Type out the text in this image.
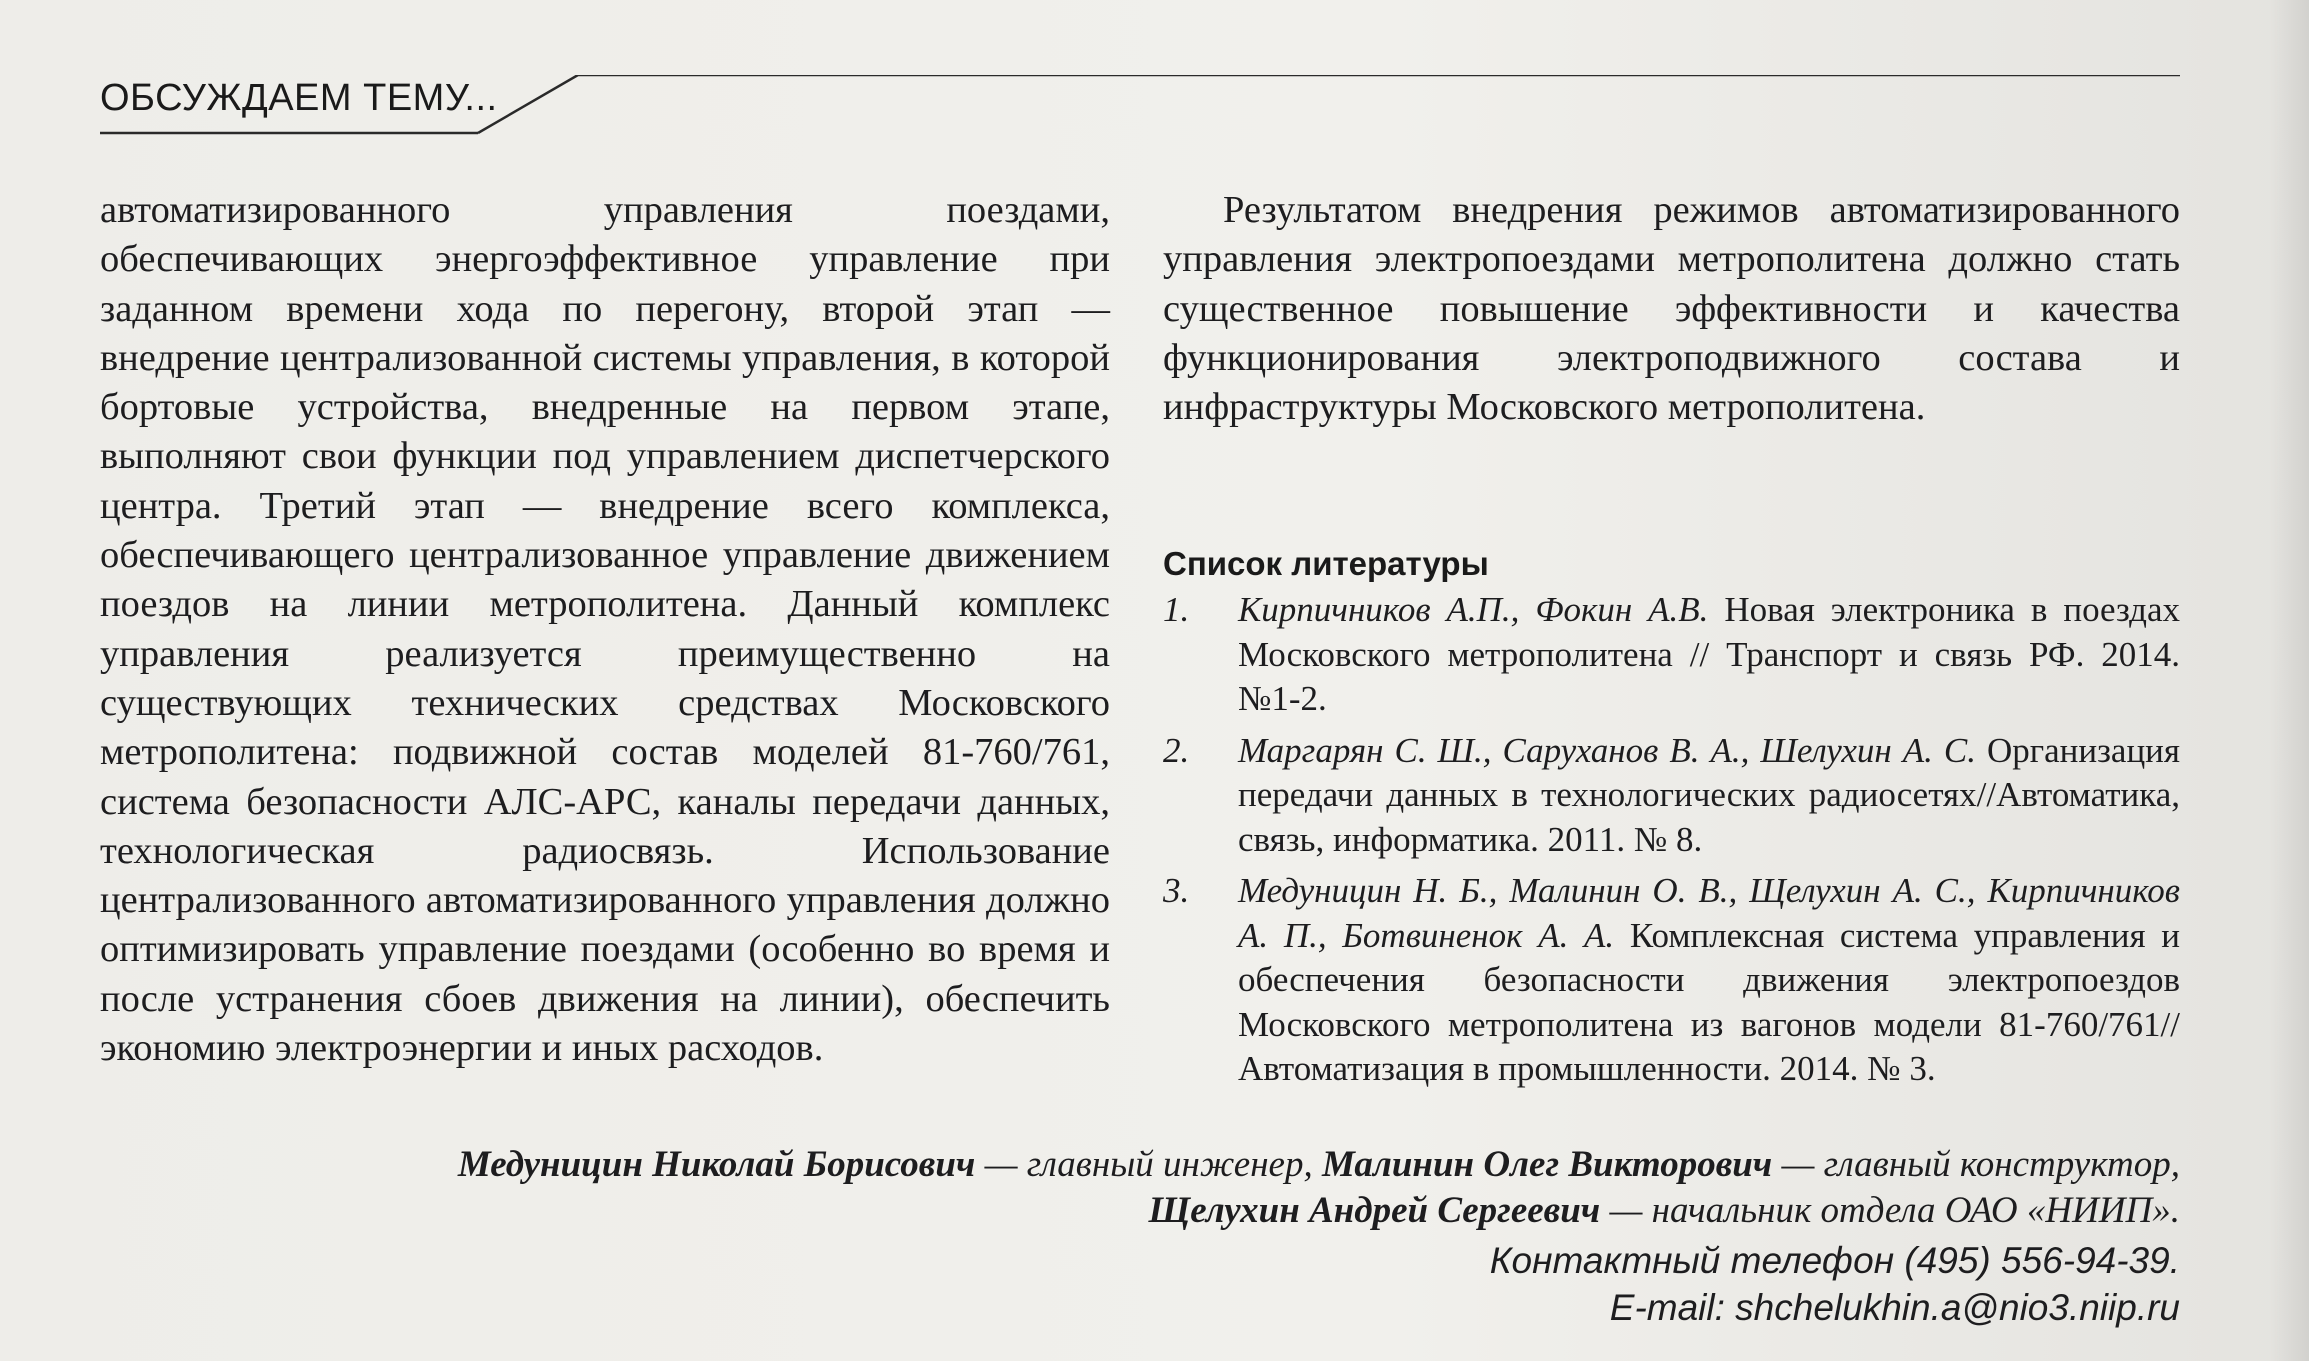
ОБСУЖДАЕМ ТЕМУ...

автоматизированного управления поездами, обеспечивающих энергоэффективное управление при заданном времени хода по перегону, второй этап — внедрение централизованной системы управления, в которой бортовые устройства, внедренные на первом этапе, выполняют свои функции под управлением диспетчерского центра. Третий этап — внедрение всего комплекса, обеспечивающего централизованное управление движением поездов на линии метрополитена. Данный комплекс управления реализуется преимущественно на существующих технических средствах Московского метрополитена: подвижной состав моделей 81-760/761, система безопасности АЛС-АРС, каналы передачи данных, технологическая радиосвязь. Использование централизованного автоматизированного управления должно оптимизировать управление поездами (особенно во время и после устранения сбоев движения на линии), обеспечить экономию электроэнергии и иных расходов.

Результатом внедрения режимов автоматизированного управления электропоездами метрополитена должно стать существенное повышение эффективности и качества функционирования электроподвижного состава и инфраструктуры Московского метрополитена.

Список литературы
1. Кирпичников А.П., Фокин А.В. Новая электроника в поездах Московского метрополитена // Транспорт и связь РФ. 2014. №1-2.
2. Маргарян С. Ш., Саруханов В. А., Шелухин А. С. Организация передачи данных в технологических радиосетях//Автоматика, связь, информатика. 2011. № 8.
3. Медуницин Н. Б., Малинин О. В., Щелухин А. С., Кирпичников А. П., Ботвиненок А. А. Комплексная система управления и обеспечения безопасности движения электропоездов Московского метрополитена из вагонов модели 81-760/761//Автоматизация в промышленности. 2014. № 3.
Медуницин Николай Борисович — главный инженер, Малинин Олег Викторович — главный конструктор,
Щелухин Андрей Сергеевич — начальник отдела ОАО «НИИП».
Контактный телефон (495) 556-94-39.
E-mail: shchelukhin.a@nio3.niip.ru
